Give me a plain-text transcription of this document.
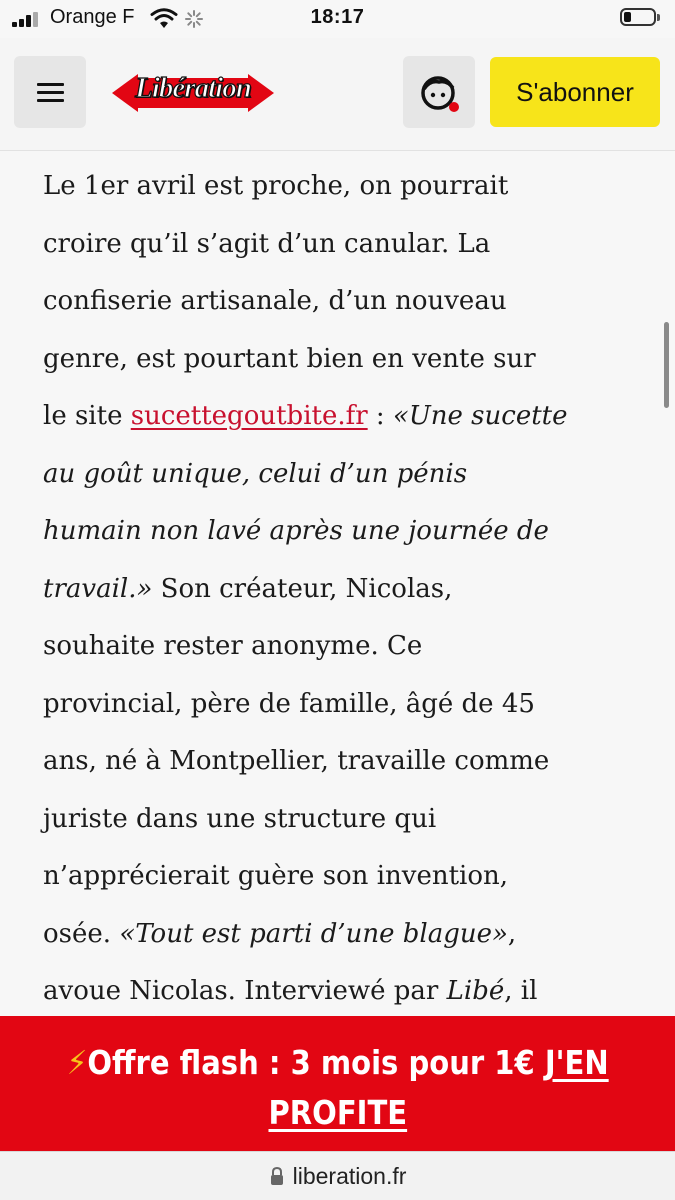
Orange F	18:17
Libération	S'abonner

Le 1er avril est proche, on pourrait
croire qu’il s’agit d’un canular. La
confiserie artisanale, d’un nouveau
genre, est pourtant bien en vente sur
le site sucettegoutbite.fr : «Une sucette
au goût unique, celui d’un pénis
humain non lavé après une journée de
travail.» Son créateur, Nicolas,
souhaite rester anonyme. Ce
provincial, père de famille, âgé de 45
ans, né à Montpellier, travaille comme
juriste dans une structure qui
n’apprécierait guère son invention,
osée. «Tout est parti d’une blague»,
avoue Nicolas. Interviewé par Libé, il

⚡Offre flash : 3 mois pour 1€ J'EN
PROFITE
liberation.fr
